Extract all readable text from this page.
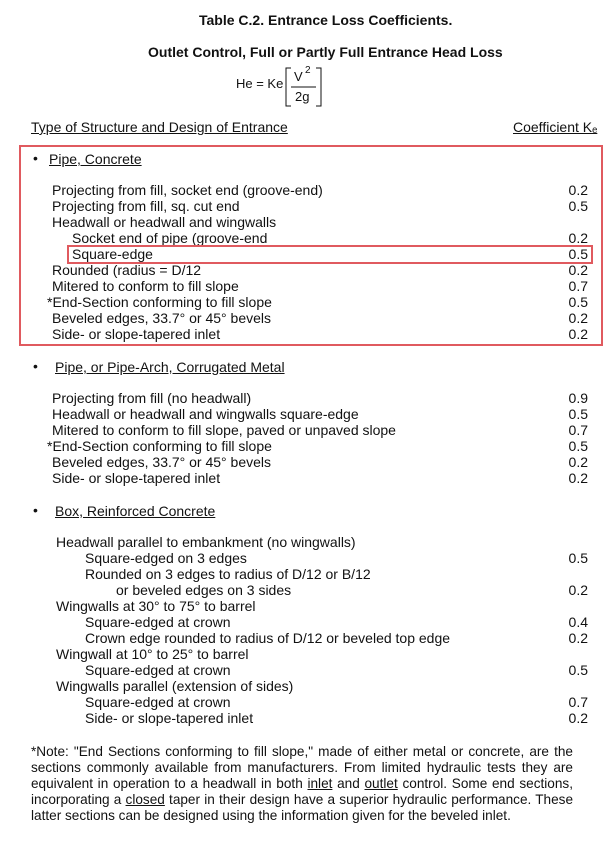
Table C.2. Entrance Loss Coefficients.
Outlet Control, Full or Partly Full Entrance Head Loss
He = Ke V 2
2g
Type of Structure and Design of Entrance	Coefficient Kₑ
• Pipe, Concrete
Projecting from fill, socket end (groove-end)	0.2
Projecting from fill, sq. cut end	0.5
Headwall or headwall and wingwalls
Socket end of pipe (groove-end	0.2
Square-edge	0.5
Rounded (radius = D/12	0.2
Mitered to conform to fill slope	0.7
*End-Section conforming to fill slope	0.5
Beveled edges, 33.7° or 45° bevels	0.2
Side- or slope-tapered inlet	0.2
• Pipe, or Pipe-Arch, Corrugated Metal
Projecting from fill (no headwall)	0.9
Headwall or headwall and wingwalls square-edge	0.5
Mitered to conform to fill slope, paved or unpaved slope	0.7
*End-Section conforming to fill slope	0.5
Beveled edges, 33.7° or 45° bevels	0.2
Side- or slope-tapered inlet	0.2
• Box, Reinforced Concrete
Headwall parallel to embankment (no wingwalls)
Square-edged on 3 edges	0.5
Rounded on 3 edges to radius of D/12 or B/12
or beveled edges on 3 sides	0.2
Wingwalls at 30° to 75° to barrel
Square-edged at crown	0.4
Crown edge rounded to radius of D/12 or beveled top edge	0.2
Wingwall at 10° to 25° to barrel
Square-edged at crown	0.5
Wingwalls parallel (extension of sides)
Square-edged at crown	0.7
Side- or slope-tapered inlet	0.2
*Note: "End Sections conforming to fill slope," made of either metal or concrete, are the sections commonly available from manufacturers. From limited hydraulic tests they are equivalent in operation to a headwall in both inlet and outlet control. Some end sections, incorporating a closed taper in their design have a superior hydraulic performance. These latter sections can be designed using the information given for the beveled inlet.
